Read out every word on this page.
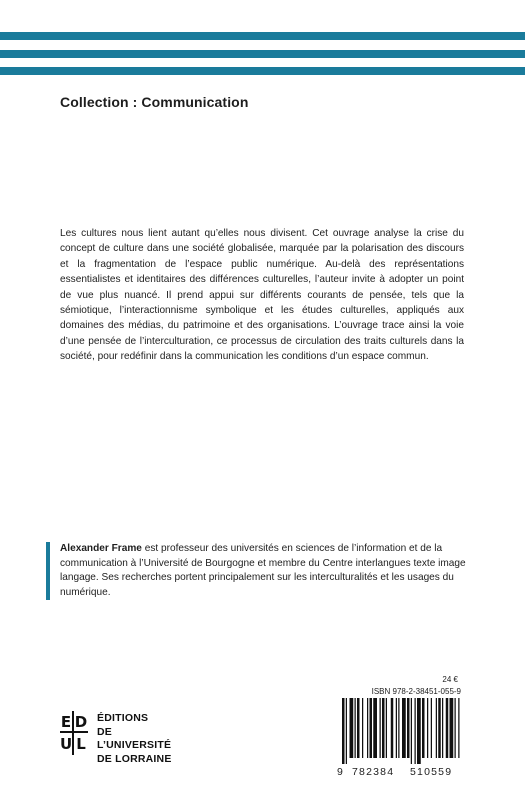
Collection : Communication

Les cultures nous lient autant qu’elles nous divisent. Cet ouvrage analyse la crise du concept de culture dans une société globalisée, marquée par la polarisation des discours et la fragmentation de l’espace public numérique. Au-delà des représentations essentialistes et identitaires des différences culturelles, l’auteur invite à adopter un point de vue plus nuancé. Il prend appui sur différents courants de pensée, tels que la sémiotique, l’interactionnisme symbolique et les études culturelles, appliqués aux domaines des médias, du patrimoine et des organisations. L’ouvrage trace ainsi la voie d’une pensée de l’interculturation, ce processus de circulation des traits culturels dans la société, pour redéfinir dans la communication les conditions d’un espace commun.

Alexander Frame est professeur des universités en sciences de l’information et de la communication à l’Université de Bourgogne et membre du Centre interlangues texte image langage. Ses recherches portent principalement sur les interculturalités et les usages du numérique.

E D
U L
ÉDITIONS
DE L’UNIVERSITÉ
DE LORRAINE
24 €
ISBN 978-2-38451-055-9
9 782384 510559
